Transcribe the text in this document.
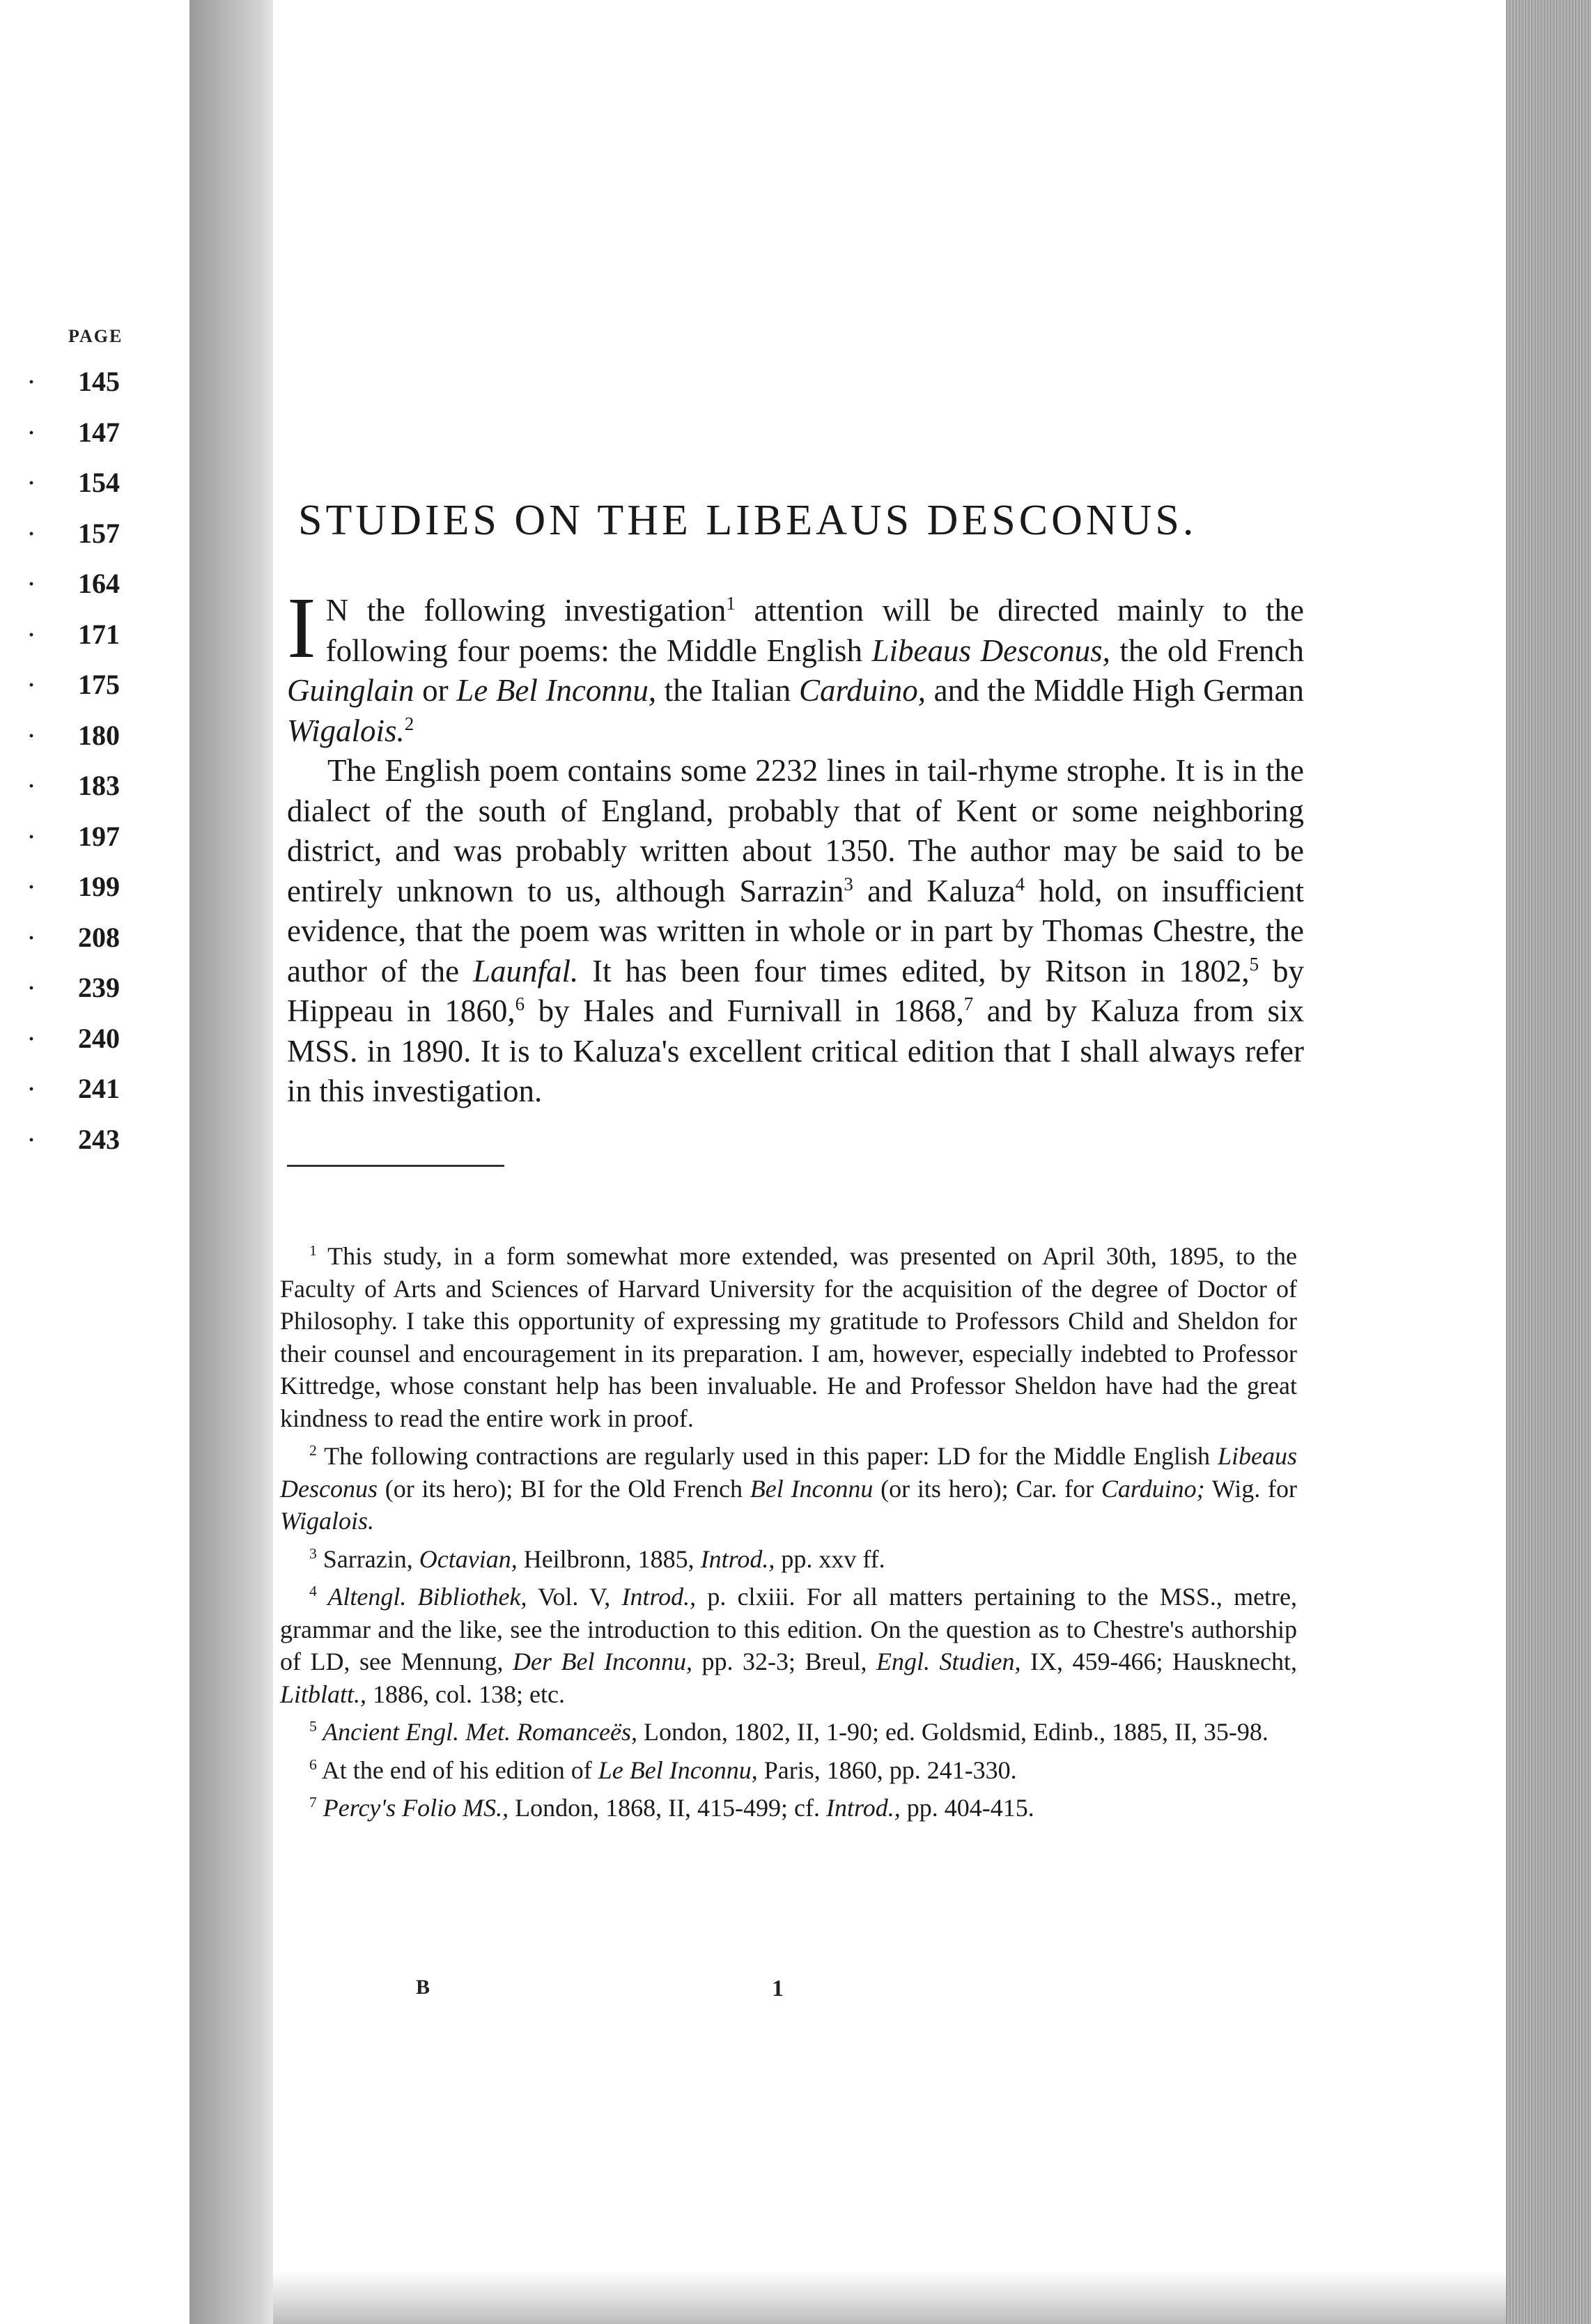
PAGE
· 145
· 147
· 154
· 157
· 164
· 171
· 175
· 180
· 183
· 197
· 199
· 208
· 239
· 240
· 241
· 243
STUDIES ON THE LIBEAUS DESCONUS.

I N the following investigation$^1$ attention will be directed mainly to the following four poems: the Middle English Libeaus Desconus, the old French Guinglain or Le Bel Inconnu, the Italian Carduino, and the Middle High German Wigalois.$^2$

The English poem contains some 2232 lines in tail-rhyme strophe. It is in the dialect of the south of England, probably that of Kent or some neighboring district, and was probably written about 1350. The author may be said to be entirely unknown to us, although Sarrazin$^3$ and Kaluza$^4$ hold, on insufficient evidence, that the poem was written in whole or in part by Thomas Chestre, the author of the Launfal. It has been four times edited, by Ritson in 1802,$^5$ by Hippeau in 1860,$^6$ by Hales and Furnivall in 1868,$^7$ and by Kaluza from six MSS. in 1890. It is to Kaluza's excellent critical edition that I shall always refer in this investigation.

$^1$ This study, in a form somewhat more extended, was presented on April 30th, 1895, to the Faculty of Arts and Sciences of Harvard University for the acquisition of the degree of Doctor of Philosophy. I take this opportunity of expressing my gratitude to Professors Child and Sheldon for their counsel and encouragement in its preparation. I am, however, especially indebted to Professor Kittredge, whose constant help has been invaluable. He and Professor Sheldon have had the great kindness to read the entire work in proof.

$^2$ The following contractions are regularly used in this paper: LD for the Middle English Libeaus Desconus (or its hero); BI for the Old French Bel Inconnu (or its hero); Car. for Carduino; Wig. for Wigalois.

$^3$ Sarrazin, Octavian, Heilbronn, 1885, Introd., pp. xxv ff.

$^4$ Altengl. Bibliothek, Vol. V, Introd., p. clxiii. For all matters pertaining to the MSS., metre, grammar and the like, see the introduction to this edition. On the question as to Chestre's authorship of LD, see Mennung, Der Bel Inconnu, pp. 32-3; Breul, Engl. Studien, IX, 459-466; Hausknecht, Litblatt., 1886, col. 138; etc.

$^5$ Ancient Engl. Met. Romanceës, London, 1802, II, 1-90; ed. Goldsmid, Edinb., 1885, II, 35-98.

$^6$ At the end of his edition of Le Bel Inconnu, Paris, 1860, pp. 241-330.

$^7$ Percy's Folio MS., London, 1868, II, 415-499; cf. Introd., pp. 404-415.

B	1
